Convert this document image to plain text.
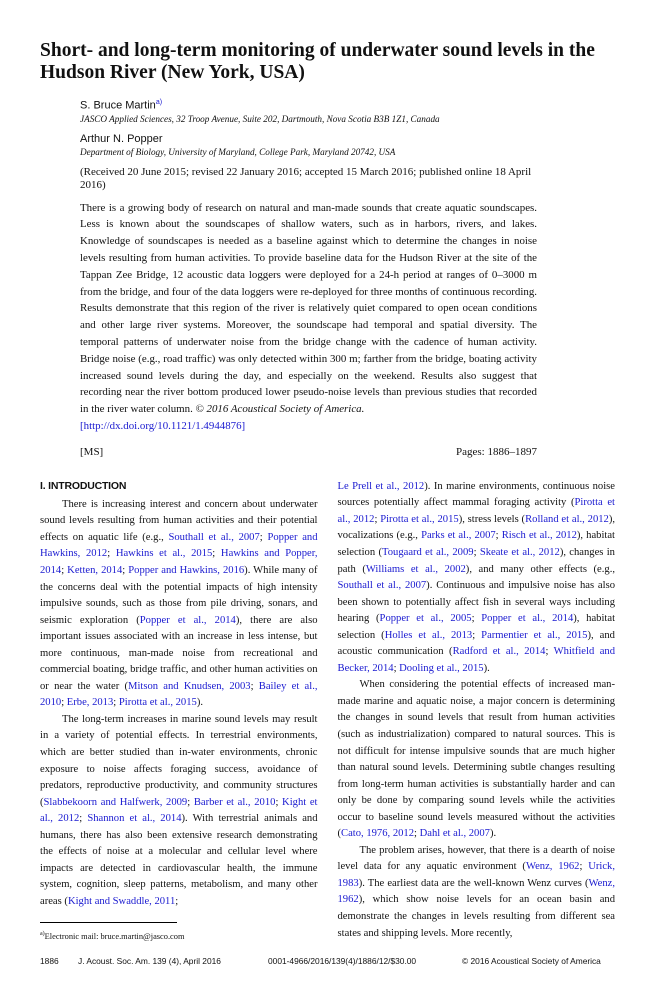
Short- and long-term monitoring of underwater sound levels in the Hudson River (New York, USA)
S. Bruce Martin$^{a)}$
JASCO Applied Sciences, 32 Troop Avenue, Suite 202, Dartmouth, Nova Scotia B3B 1Z1, Canada
Arthur N. Popper
Department of Biology, University of Maryland, College Park, Maryland 20742, USA
(Received 20 June 2015; revised 22 January 2016; accepted 15 March 2016; published online 18 April 2016)
There is a growing body of research on natural and man-made sounds that create aquatic soundscapes. Less is known about the soundscapes of shallow waters, such as in harbors, rivers, and lakes. Knowledge of soundscapes is needed as a baseline against which to determine the changes in noise levels resulting from human activities. To provide baseline data for the Hudson River at the site of the Tappan Zee Bridge, 12 acoustic data loggers were deployed for a 24-h period at ranges of 0–3000 m from the bridge, and four of the data loggers were re-deployed for three months of continuous recording. Results demonstrate that this region of the river is relatively quiet compared to open ocean conditions and other large river systems. Moreover, the soundscape had temporal and spatial diversity. The temporal patterns of underwater noise from the bridge change with the cadence of human activity. Bridge noise (e.g., road traffic) was only detected within 300 m; farther from the bridge, boating activity increased sound levels during the day, and especially on the weekend. Results also suggest that recording near the river bottom produced lower pseudo-noise levels than previous studies that recorded in the river water column. © 2016 Acoustical Society of America.
[http://dx.doi.org/10.1121/1.4944876]
[MS]	Pages: 1886–1897
I. INTRODUCTION

There is increasing interest and concern about underwater sound levels resulting from human activities and their potential effects on aquatic life (e.g., Southall et al., 2007; Popper and Hawkins, 2012; Hawkins et al., 2015; Hawkins and Popper, 2014; Ketten, 2014; Popper and Hawkins, 2016). While many of the concerns deal with the potential impacts of high intensity impulsive sounds, such as those from pile driving, sonars, and seismic exploration (Popper et al., 2014), there are also important issues associated with an increase in less intense, but more continuous, man-made noise from recreational and commercial boating, bridge traffic, and other human activities on or near the water (Mitson and Knudsen, 2003; Bailey et al., 2010; Erbe, 2013; Pirotta et al., 2015).

The long-term increases in marine sound levels may result in a variety of potential effects. In terrestrial environments, which are better studied than in-water environments, chronic exposure to noise affects foraging success, avoidance of predators, reproductive productivity, and community structures (Slabbekoorn and Halfwerk, 2009; Barber et al., 2010; Kight et al., 2012; Shannon et al., 2014). With terrestrial animals and humans, there has also been extensive research demonstrating the effects of noise at a molecular and cellular level where impacts are detected in cardiovascular health, the immune system, cognition, sleep patterns, metabolism, and many other areas (Kight and Swaddle, 2011;

$^{a)}$Electronic mail: bruce.martin@jasco.com

Le Prell et al., 2012). In marine environments, continuous noise sources potentially affect mammal foraging activity (Pirotta et al., 2012; Pirotta et al., 2015), stress levels (Rolland et al., 2012), vocalizations (e.g., Parks et al., 2007; Risch et al., 2012), habitat selection (Tougaard et al., 2009; Skeate et al., 2012), changes in path (Williams et al., 2002), and many other effects (e.g., Southall et al., 2007). Continuous and impulsive noise has also been shown to potentially affect fish in several ways including hearing (Popper et al., 2005; Popper et al., 2014), habitat selection (Holles et al., 2013; Parmentier et al., 2015), and acoustic communication (Radford et al., 2014; Whitfield and Becker, 2014; Dooling et al., 2015).

When considering the potential effects of increased man-made marine and aquatic noise, a major concern is determining the changes in sound levels that result from human activities (such as industrialization) compared to natural sources. This is not difficult for intense impulsive sounds that are much higher than natural sound levels. Determining subtle changes resulting from long-term human activities is substantially harder and can only be done by comparing sound levels while the activities occur to baseline sound levels measured without the activities (Cato, 1976, 2012; Dahl et al., 2007).

The problem arises, however, that there is a dearth of noise level data for any aquatic environment (Wenz, 1962; Urick, 1983). The earliest data are the well-known Wenz curves (Wenz, 1962), which show noise levels for an ocean basin and demonstrate the changes in levels resulting from different sea states and shipping levels. More recently,

1886	J. Acoust. Soc. Am. 139 (4), April 2016	0001-4966/2016/139(4)/1886/12/$30.00	© 2016 Acoustical Society of America
